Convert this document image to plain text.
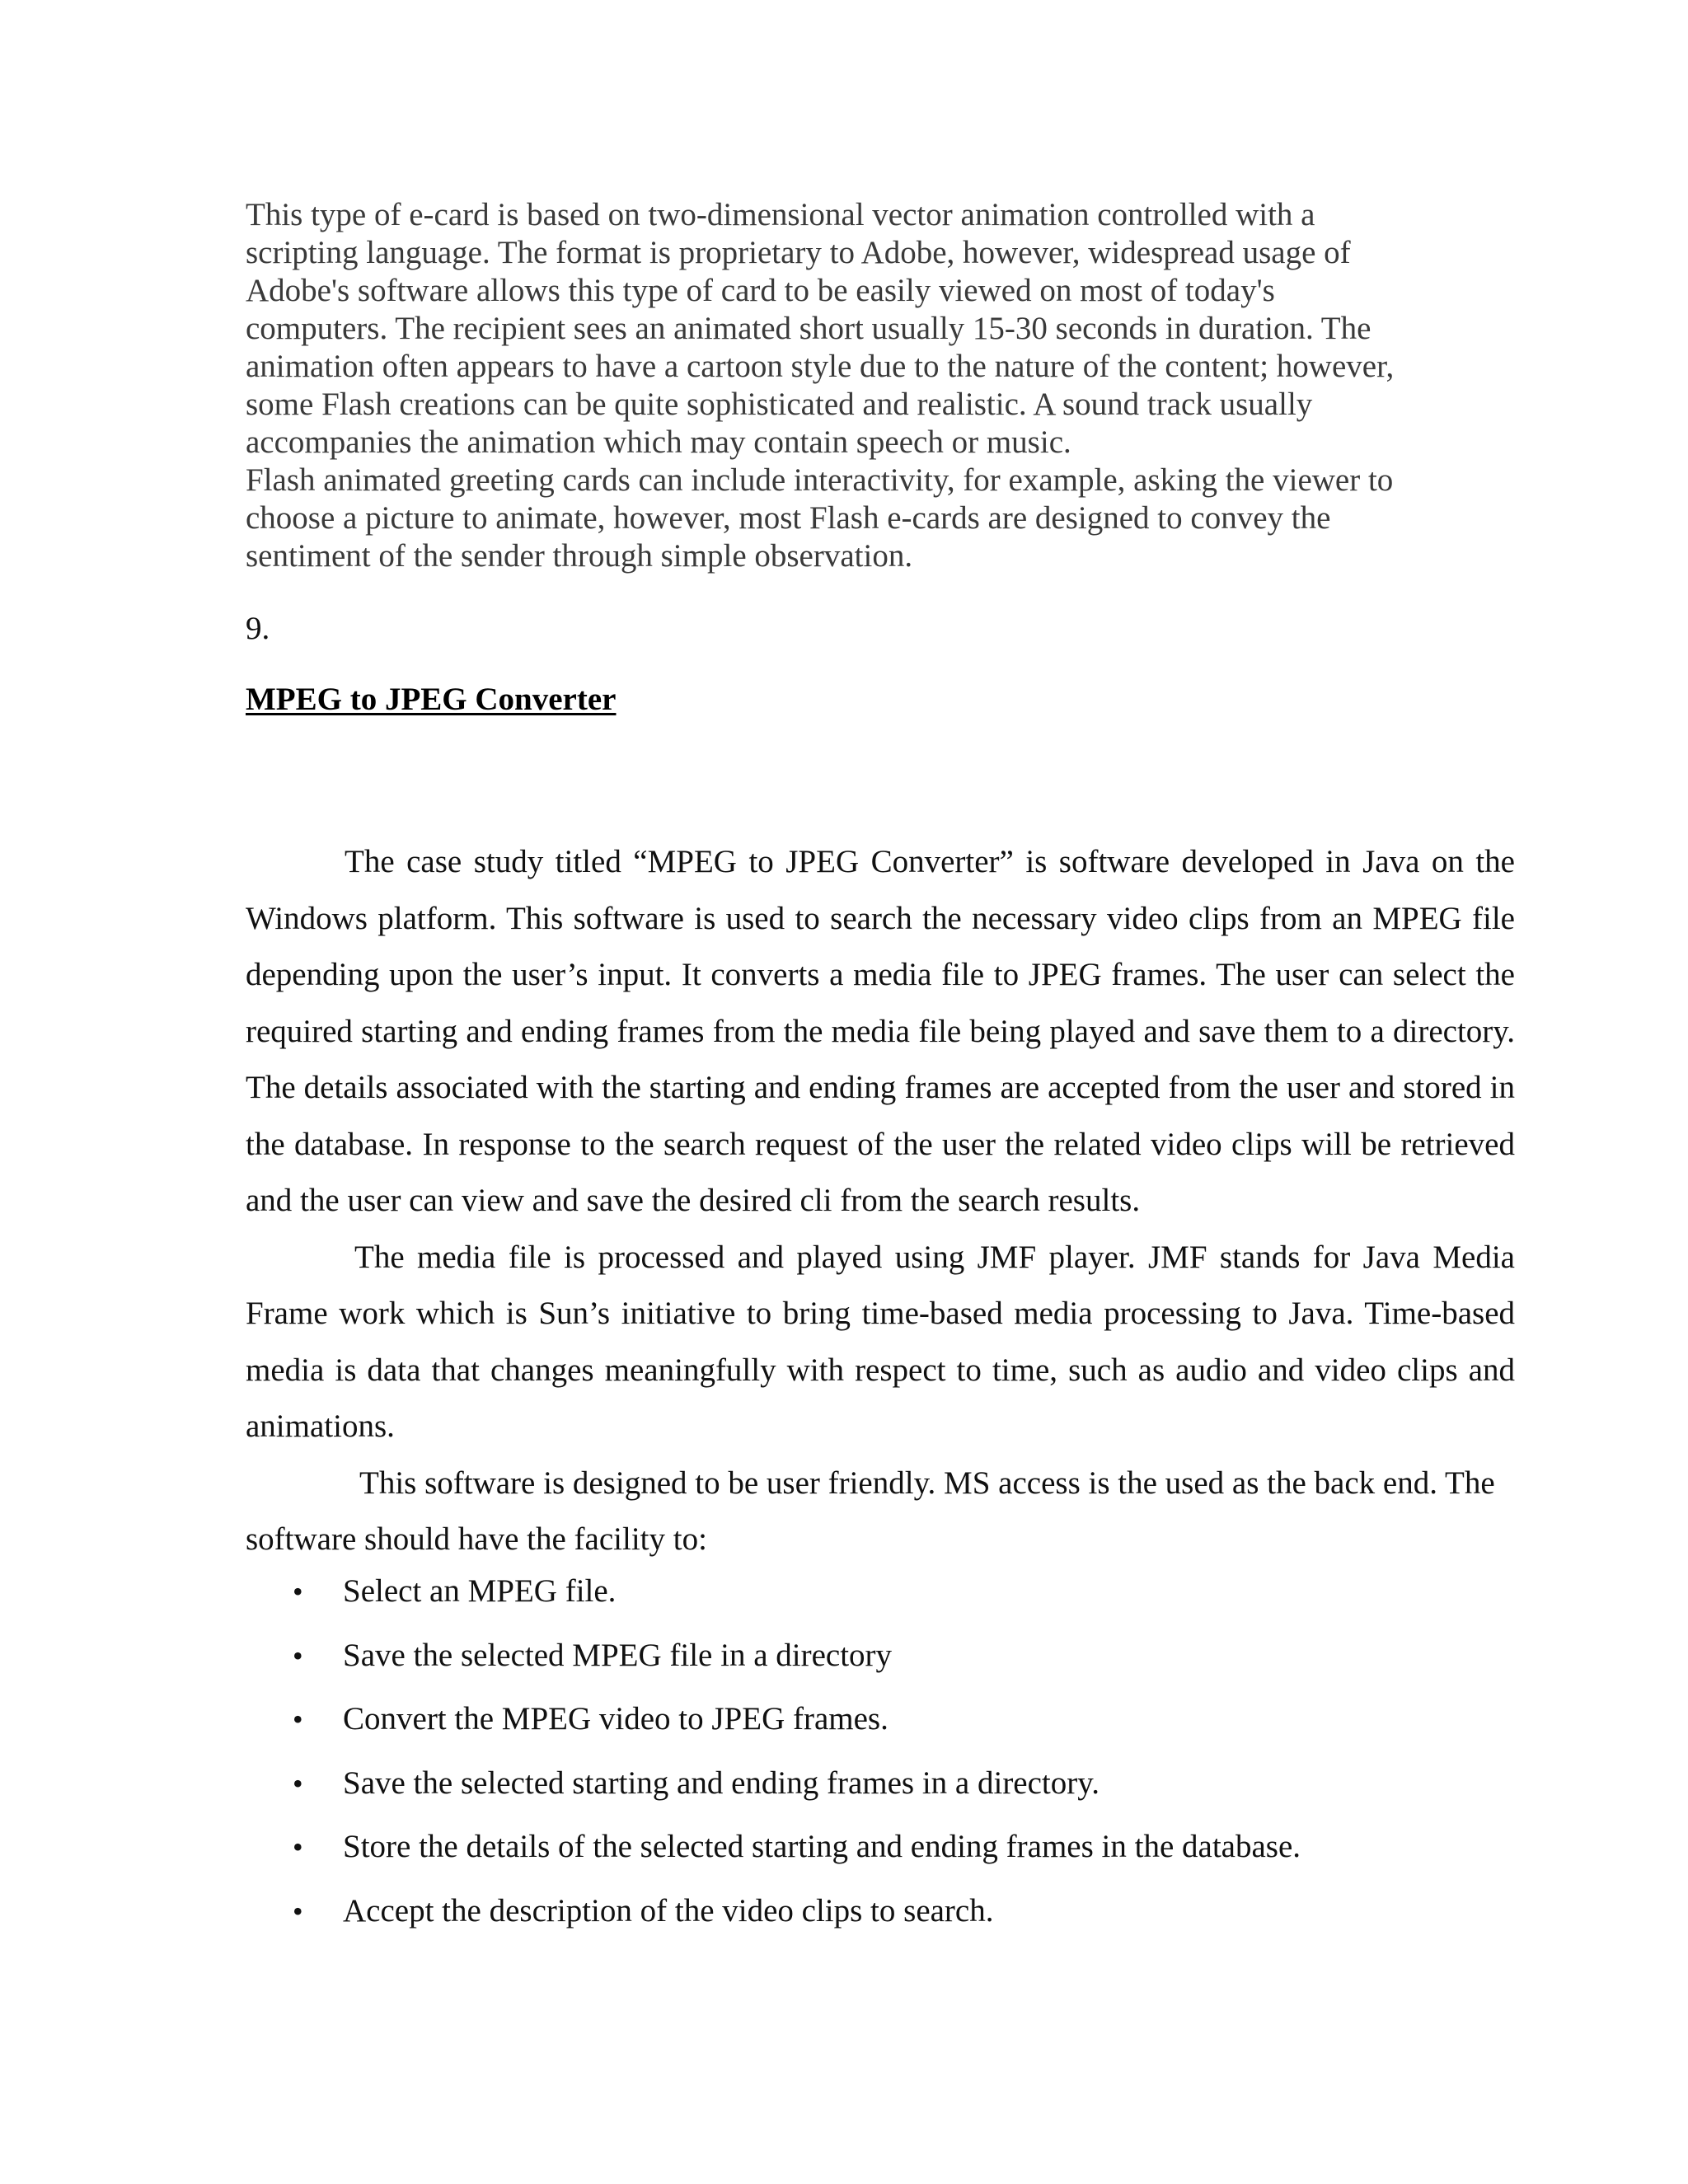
This type of e-card is based on two-dimensional vector animation controlled with a
scripting language. The format is proprietary to Adobe, however, widespread usage of
Adobe's software allows this type of card to be easily viewed on most of today's
computers. The recipient sees an animated short usually 15-30 seconds in duration. The
animation often appears to have a cartoon style due to the nature of the content; however,
some Flash creations can be quite sophisticated and realistic. A sound track usually
accompanies the animation which may contain speech or music.
Flash animated greeting cards can include interactivity, for example, asking the viewer to
choose a picture to animate, however, most Flash e-cards are designed to convey the
sentiment of the sender through simple observation.
9.
MPEG to JPEG Converter

The case study titled “MPEG to JPEG Converter” is software developed in Java on the Windows platform. This software is used to search the necessary video clips from an MPEG file depending upon the user’s input. It converts a media file to JPEG frames. The user can select the required starting and ending frames from the media file being played and save them to a directory. The details associated with the starting and ending frames are accepted from the user and stored in the database. In response to the search request of the user the related video clips will be retrieved and the user can view and save the desired cli from the search results.

The media file is processed and played using JMF player. JMF stands for Java Media Frame work which is Sun’s initiative to bring time-based media processing to Java. Time-based media is data that changes meaningfully with respect to time, such as audio and video clips and animations.

This software is designed to be user friendly. MS access is the used as the back end. The software should have the facility to:

• Select an MPEG file.
• Save the selected MPEG file in a directory
• Convert the MPEG video to JPEG frames.
• Save the selected starting and ending frames in a directory.
• Store the details of the selected starting and ending frames in the database.
• Accept the description of the video clips to search.
